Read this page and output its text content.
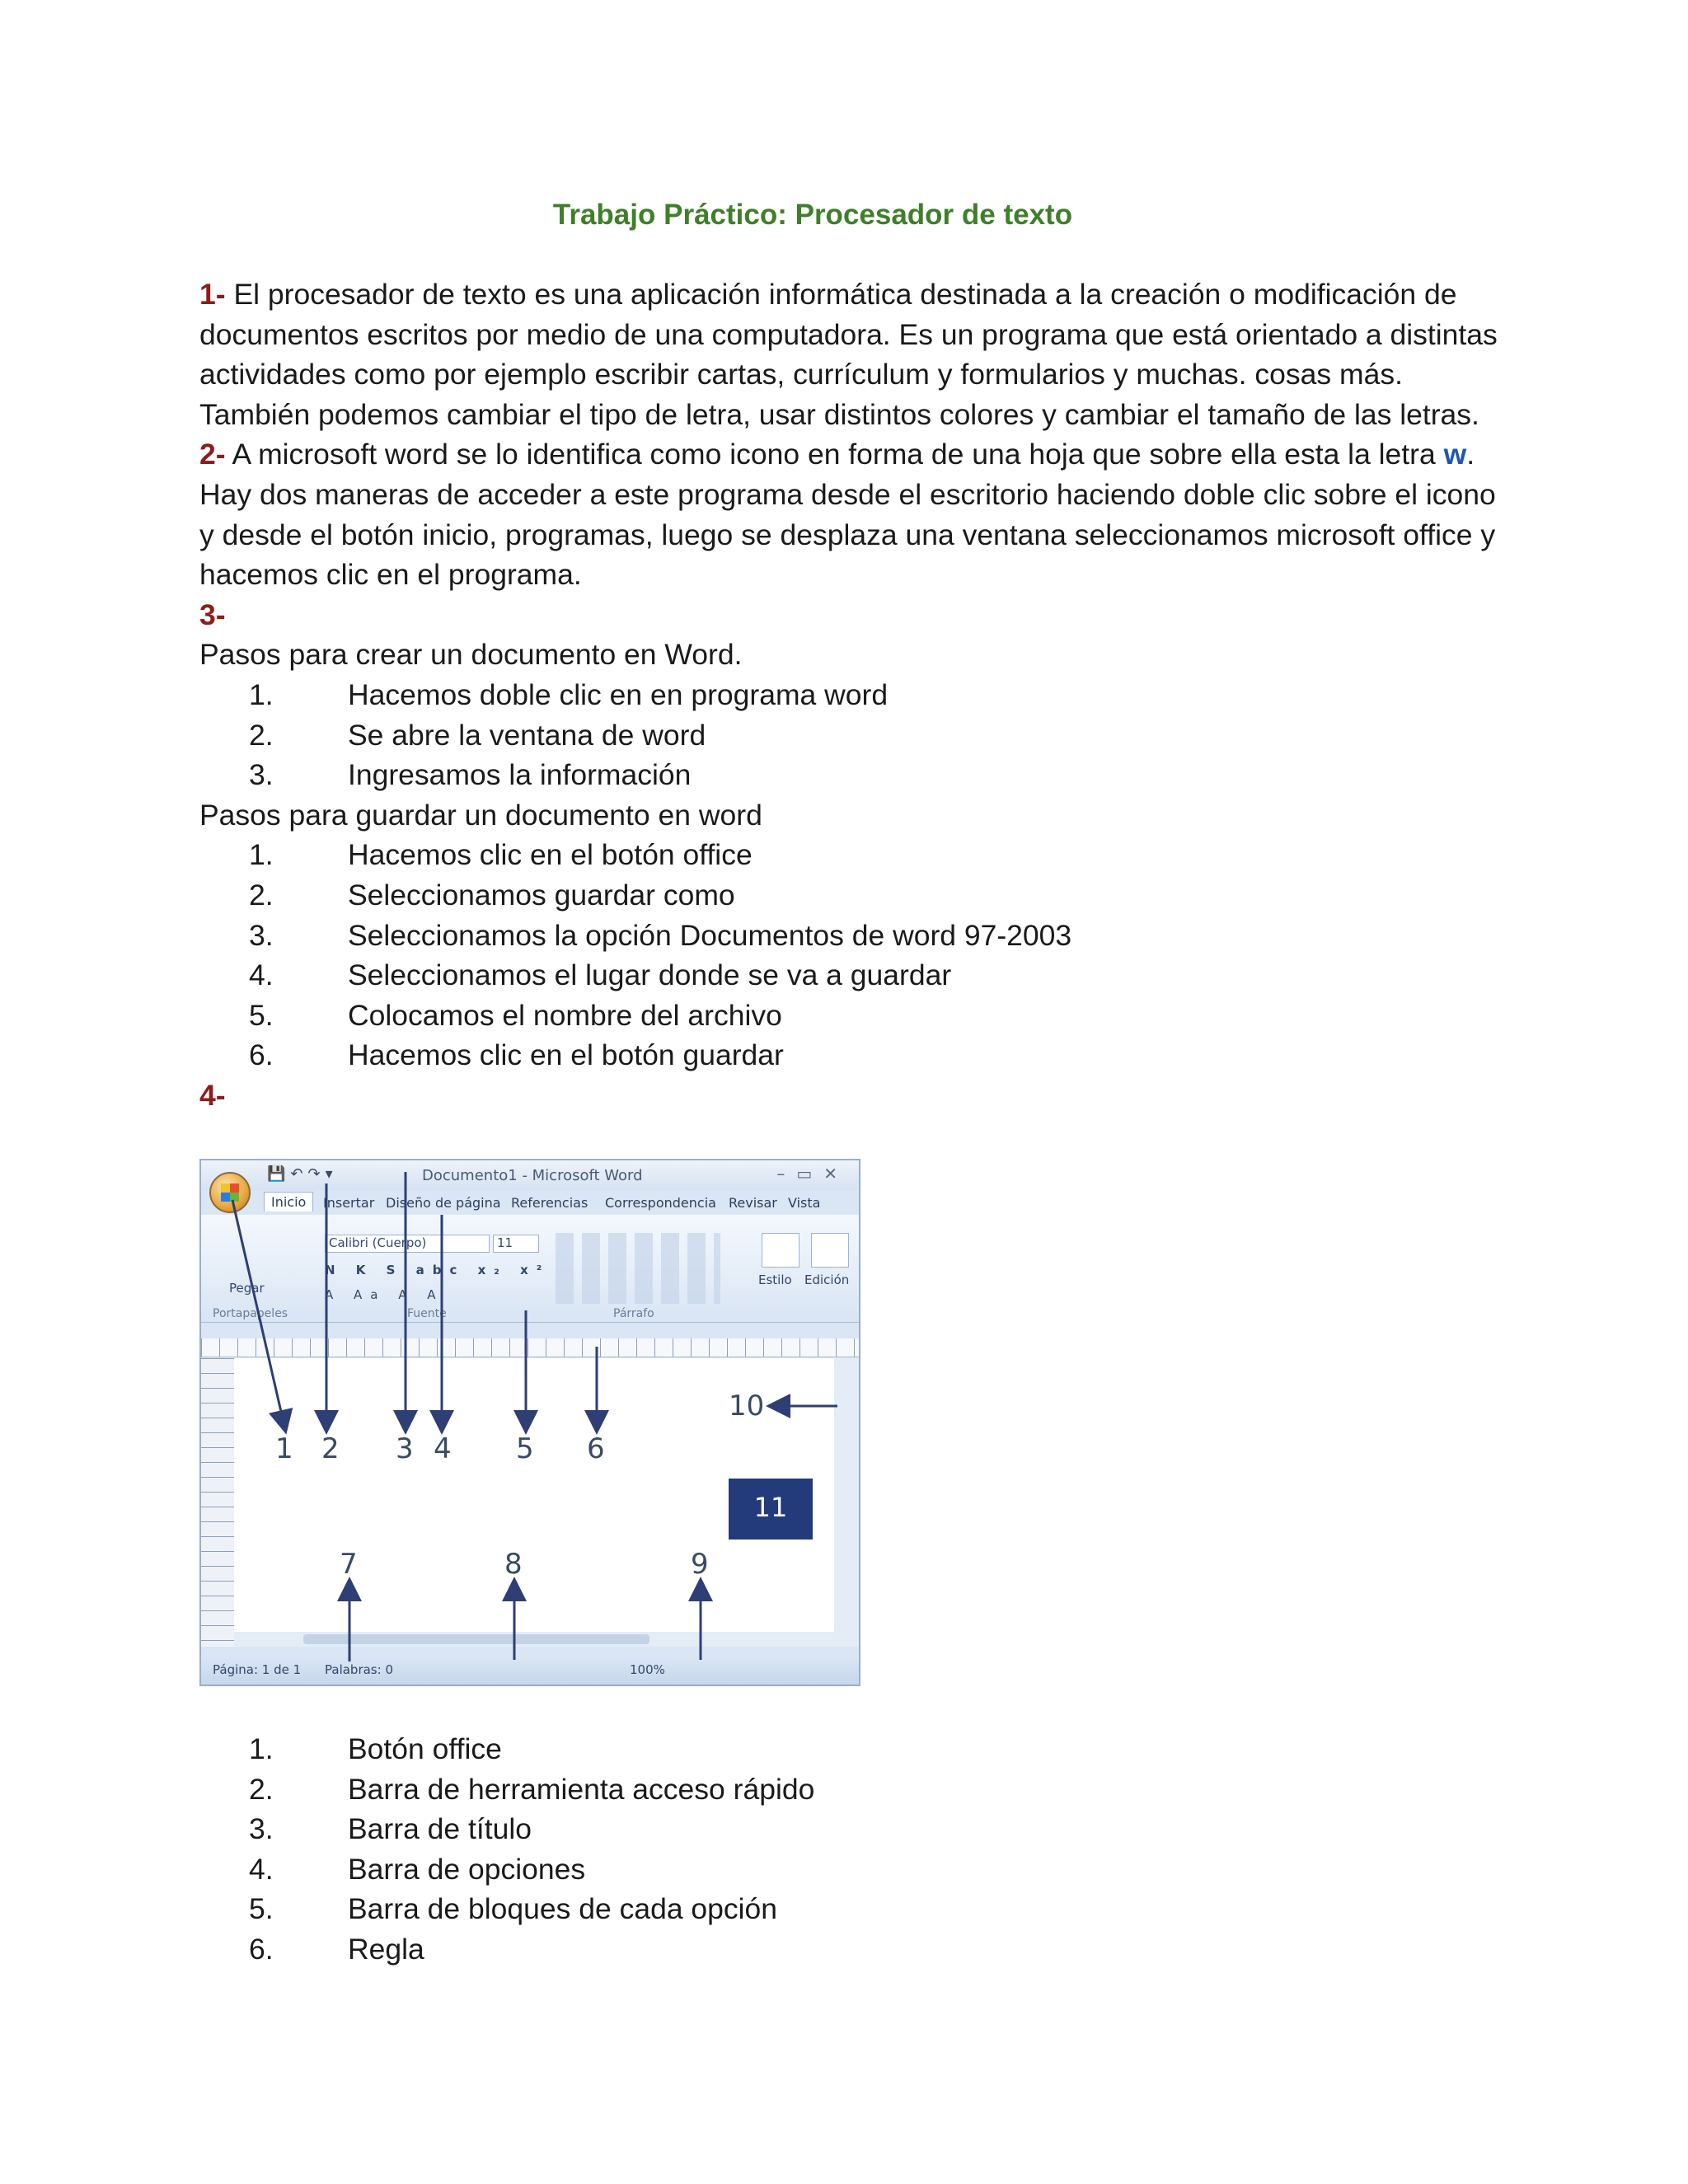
Trabajo Práctico: Procesador de texto

1- El procesador de texto es una aplicación informática destinada a la creación o modificación de documentos escritos por medio de una computadora. Es un programa que está orientado a distintas actividades como por ejemplo escribir cartas, currículum y formularios y muchas. cosas más. También podemos cambiar el tipo de letra, usar distintos colores y cambiar el tamaño de las letras.

2- A microsoft word se lo identifica como icono en forma de una hoja que sobre ella esta la letra w. Hay dos maneras de acceder a este programa desde el escritorio haciendo doble clic sobre el icono y desde el botón inicio, programas, luego se desplaza una ventana seleccionamos microsoft office y hacemos clic en el programa.

3-

Pasos para crear un documento en Word.

1.	Hacemos doble clic en en programa word
2.	Se abre la ventana de word
3.	Ingresamos la información

Pasos para guardar un documento en word

1.	Hacemos clic en el botón office
2.	Seleccionamos guardar como
3.	Seleccionamos la opción Documentos de word 97-2003
4.	Seleccionamos el lugar donde se va a guardar
5.	Colocamos el nombre del archivo
6.	Hacemos clic en el botón guardar

4-

💾↶↷▾	Documento1 - Microsoft Word	–▭✕
Inicio	Insertar Diseño de página Referencias Correspondencia Revisar Vista
Pegar
Calibri (Cuerpo)	11
N K S abc x₂ x²
A Aa A A
Estilo Edición
Portapapeles	Fuente	Párrafo
Página: 1 de 1 Palabras: 0	100%
1 2 3 4 5 6
7	8	9
10
11
1.	Botón office
2.	Barra de herramienta acceso rápido
3.	Barra de título
4.	Barra de opciones
5.	Barra de bloques de cada opción
6.	Regla
